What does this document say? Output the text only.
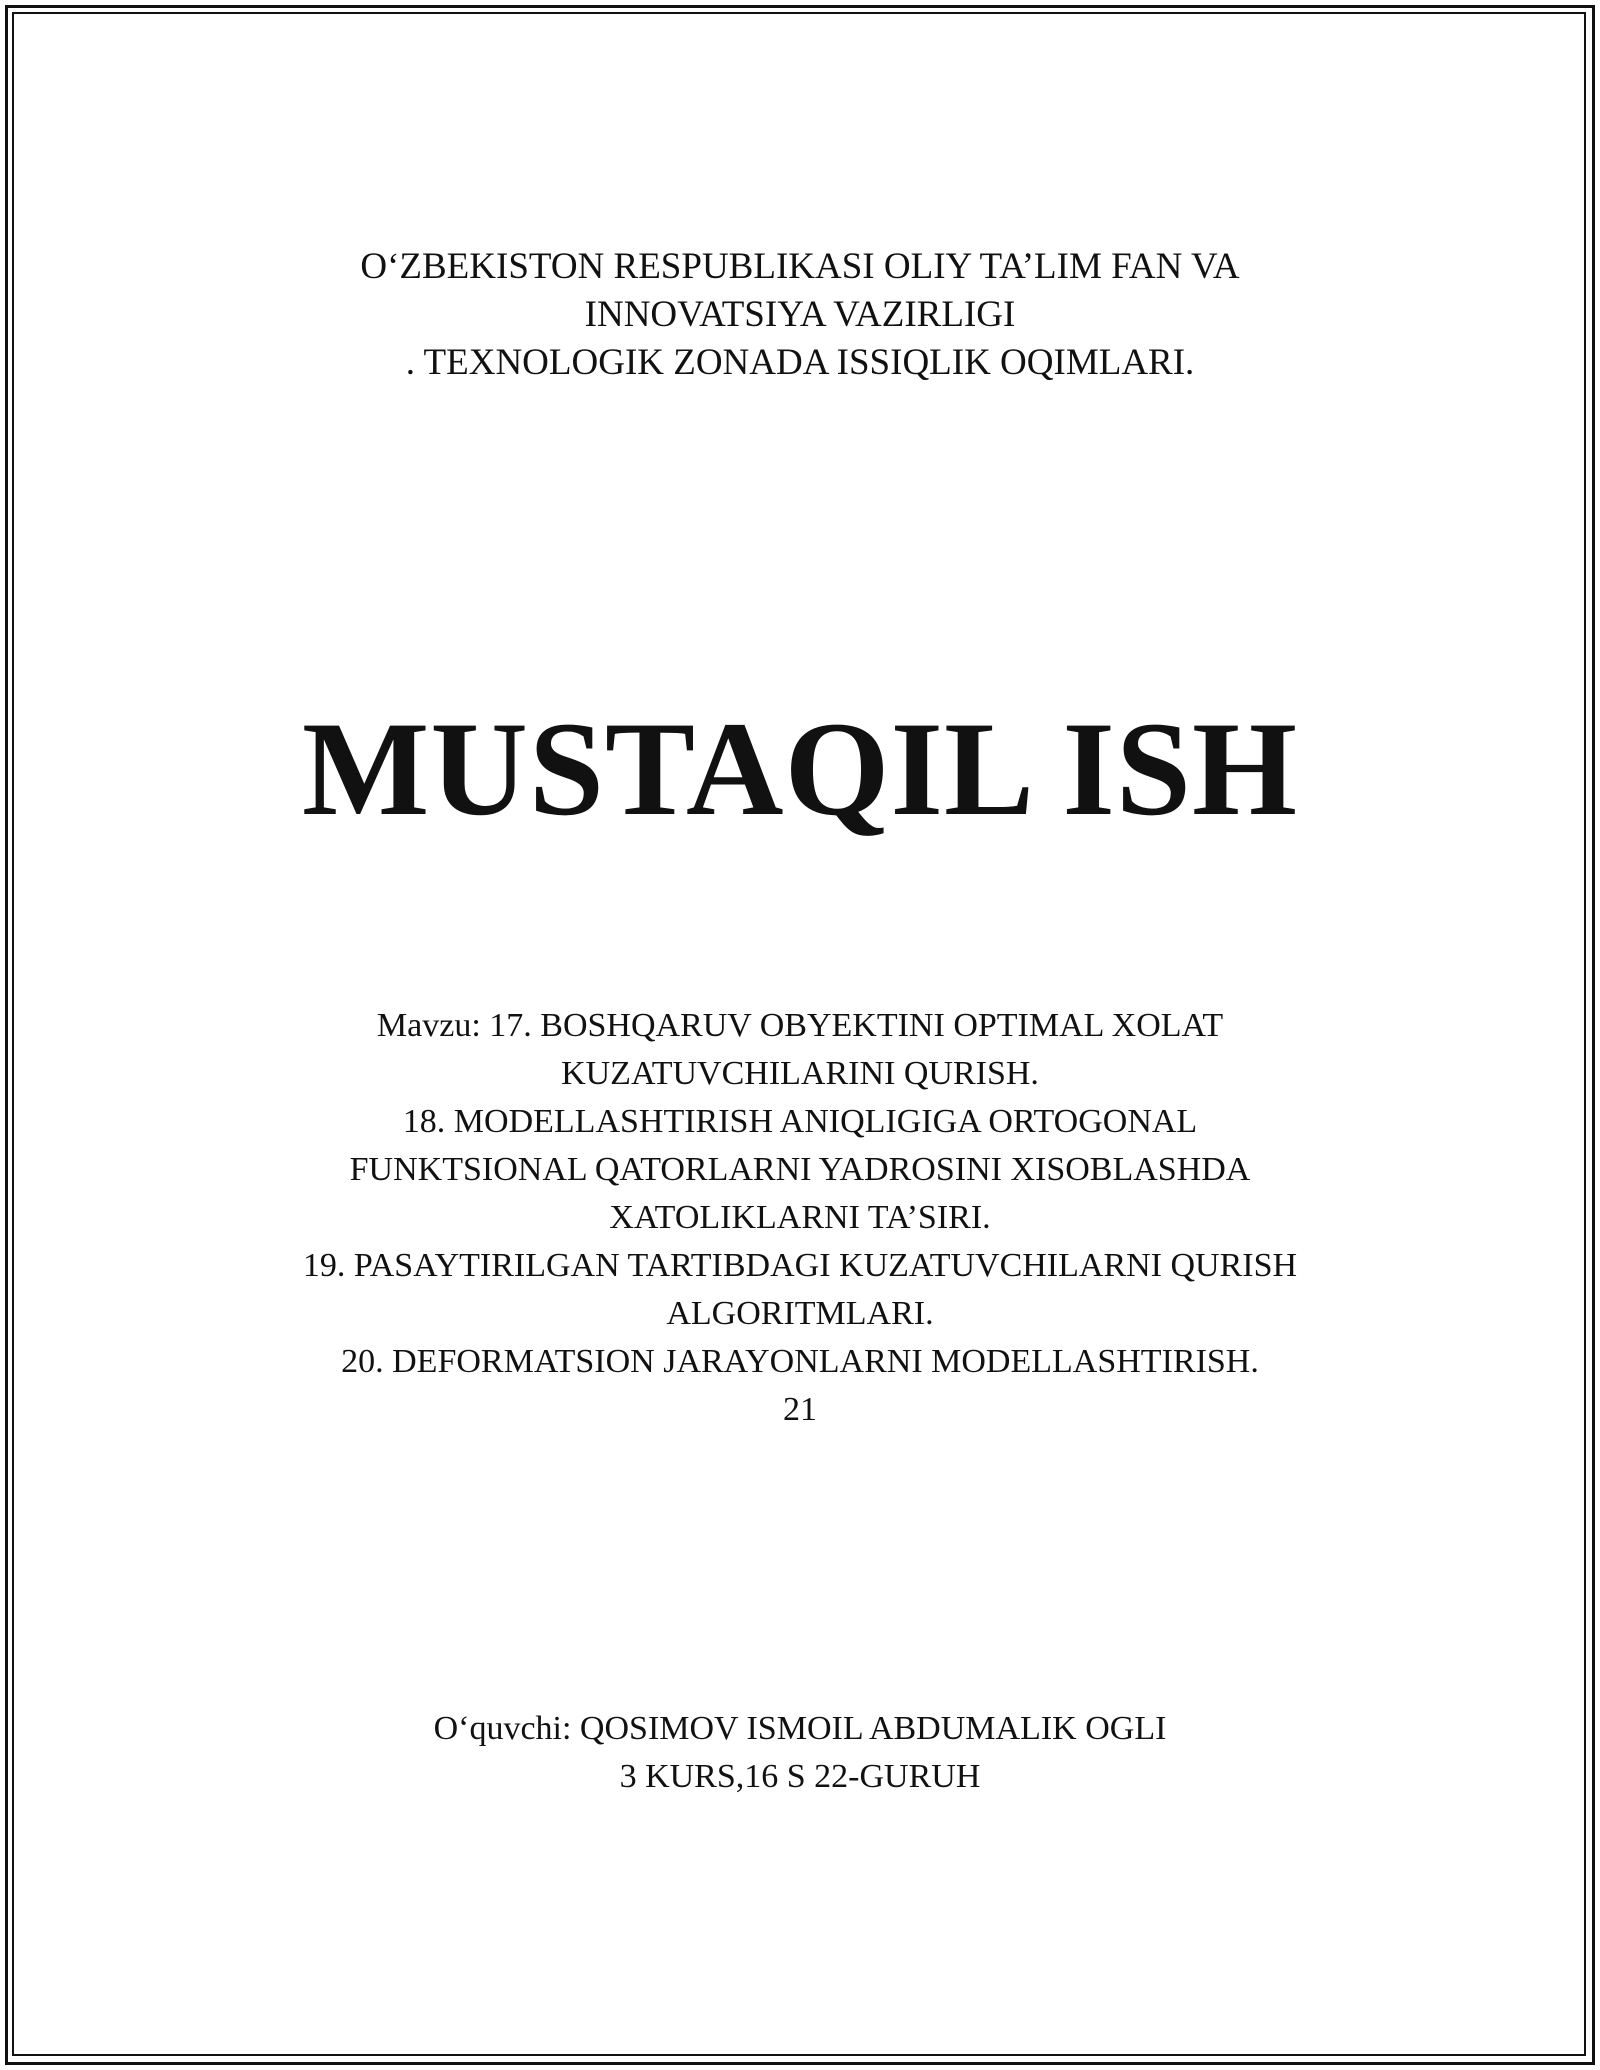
O‘ZBEKISTON RESPUBLIKASI OLIY TA’LIM FAN VA
INNOVATSIYA VAZIRLIGI
. TEXNOLOGIK ZONADA ISSIQLIK OQIMLARI.
MUSTAQIL ISH
Mavzu: 17. BOSHQARUV OBYEKTINI OPTIMAL XOLAT
KUZATUVCHILARINI QURISH.
18. MODELLASHTIRISH ANIQLIGIGA ORTOGONAL
FUNKTSIONAL QATORLARNI YADROSINI XISOBLASHDA
XATOLIKLARNI TA’SIRI.
19. PASAYTIRILGAN TARTIBDAGI KUZATUVCHILARNI QURISH
ALGORITMLARI.
20. DEFORMATSION JARAYONLARNI MODELLASHTIRISH.
21
O‘quvchi: QOSIMOV ISMOIL ABDUMALIK OGLI
3 KURS,16 S 22-GURUH
